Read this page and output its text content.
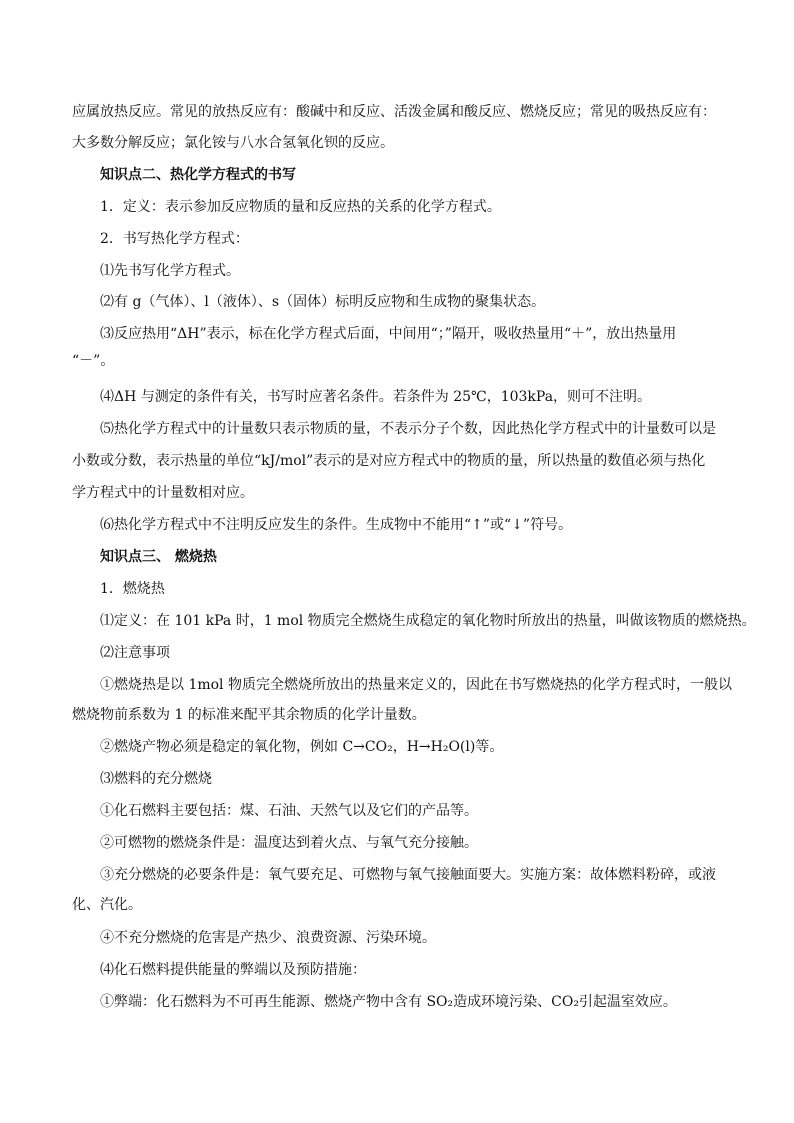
应属放热反应。常见的放热反应有：酸碱中和反应、活泼金属和酸反应、燃烧反应；常见的吸热反应有：
大多数分解反应；氯化铵与八水合氢氧化钡的反应。
知识点二、热化学方程式的书写
1．定义：表示参加反应物质的量和反应热的关系的化学方程式。
2．书写热化学方程式：
⑴先书写化学方程式。
⑵有 g（气体）、l（液体）、s（固体）标明反应物和生成物的聚集状态。
⑶反应热用“ΔH”表示，标在化学方程式后面，中间用“；”隔开，吸收热量用“＋”，放出热量用
“－”。
⑷ΔH 与测定的条件有关，书写时应著名条件。若条件为 25℃，103kPa，则可不注明。
⑸热化学方程式中的计量数只表示物质的量，不表示分子个数，因此热化学方程式中的计量数可以是
小数或分数，表示热量的单位“kJ/mol”表示的是对应方程式中的物质的量，所以热量的数值必须与热化
学方程式中的计量数相对应。
⑹热化学方程式中不注明反应发生的条件。生成物中不能用“↑”或“↓”符号。
知识点三、 燃烧热
1．燃烧热
⑴定义：在 101 kPa 时，1 mol 物质完全燃烧生成稳定的氧化物时所放出的热量，叫做该物质的燃烧热。
⑵注意事项
①燃烧热是以 1mol 物质完全燃烧所放出的热量来定义的，因此在书写燃烧热的化学方程式时，一般以
燃烧物前系数为 1 的标准来配平其余物质的化学计量数。
②燃烧产物必须是稳定的氧化物，例如 C→CO₂，H→H₂O(l)等。
⑶燃料的充分燃烧
①化石燃料主要包括：煤、石油、天然气以及它们的产品等。
②可燃物的燃烧条件是：温度达到着火点、与氧气充分接触。
③充分燃烧的必要条件是：氧气要充足、可燃物与氧气接触面要大。实施方案：故体燃料粉碎，或液
化、汽化。
④不充分燃烧的危害是产热少、浪费资源、污染环境。
⑷化石燃料提供能量的弊端以及预防措施：
①弊端：化石燃料为不可再生能源、燃烧产物中含有 SO₂造成环境污染、CO₂引起温室效应。
